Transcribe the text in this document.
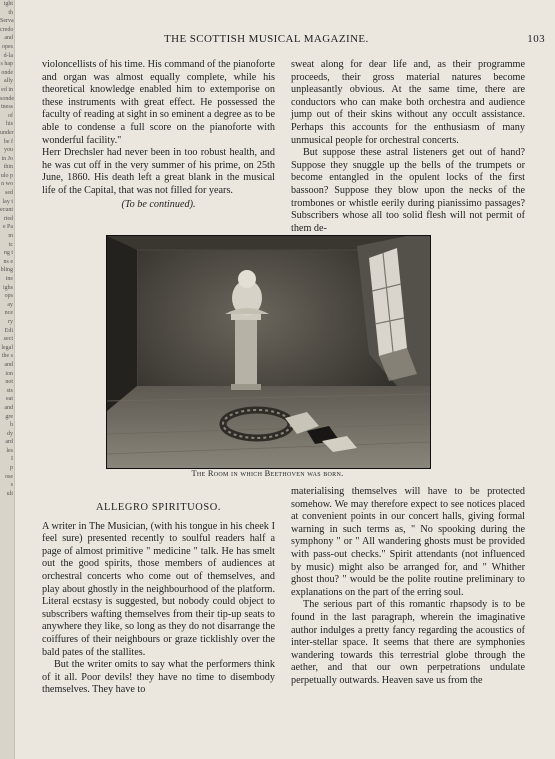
ight th
Serva
credo
and
opes
d-la
s hap
onde
ally
ed in
sonde
tness
of his
under
be f
you
in Jo
thin
ulo p
n wo
sed
lay t
ecunt
ried
e Pa
m
tc
ng t
ns e
bling
ine
ighs
ops
ay
nce
ry
Edi
sect
legal
the s
and
ion
not
sts
eat
and
gre
h
dy
ard
les
I
p
ose
s
ult
THE SCOTTISH MUSICAL MAGAZINE.	103

violoncellists of his time. His command of the pianoforte and organ was almost equally complete, while his theoretical knowledge enabled him to extemporise on these instruments with great effect. He possessed the faculty of reading at sight in so eminent a degree as to be able to condense a full score on the pianoforte with wonderful facility."

Herr Drechsler had never been in too robust health, and he was cut off in the very summer of his prime, on 25th June, 1860. His death left a great blank in the musical life of the Capital, that was not filled for years.

(To be continued).

sweat along for dear life and, as their programme proceeds, their gross material natures become unpleasantly obvious. At the same time, there are conductors who can make both orchestra and audience jump out of their skins without any occult assistance. Perhaps this accounts for the enthusiasm of many unmusical people for orchestral concerts.

But suppose these astral listeners get out of hand? Suppose they snuggle up the bells of the trumpets or become entangled in the opulent locks of the first bassoon? Suppose they blow upon the necks of the trombones or whistle eerily during pianissimo passages? Subscribers whose all too solid flesh will not permit of them de-

The Room in which Beethoven was born.

ALLEGRO SPIRITUOSO.

A writer in The Musician, (with his tongue in his cheek I feel sure) presented recently to soulful readers half a page of almost primitive " medicine " talk. He has smelt out the good spirits, those members of audiences at orchestral concerts who come out of themselves, and play about ghostly in the neighbourhood of the platform. Literal ecstasy is suggested, but nobody could object to subscribers wafting themselves from their tip-up seats to anywhere they like, so long as they do not disarrange the coiffures of their neighbours or graze ticklishly over the bald pates of the stallites.

But the writer omits to say what the performers think of it all. Poor devils! they have no time to disembody themselves. They have to

materialising themselves will have to be protected somehow. We may therefore expect to see notices placed at convenient points in our concert halls, giving formal warning in such terms as, " No spooking during the symphony " or " All wandering ghosts must be provided with pass-out checks." Spirit attendants (not influenced by music) might also be arranged for, and " Whither ghost thou? " would be the polite routine preliminary to explanations on the part of the erring soul.

The serious part of this romantic rhapsody is to be found in the last paragraph, wherein the imaginative author indulges a pretty fancy regarding the acoustics of inter-stellar space. It seems that there are symphonies wandering towards this terrestrial globe through the aether, and that our own perpetrations undulate perpetually outwards. Heaven save us from the
